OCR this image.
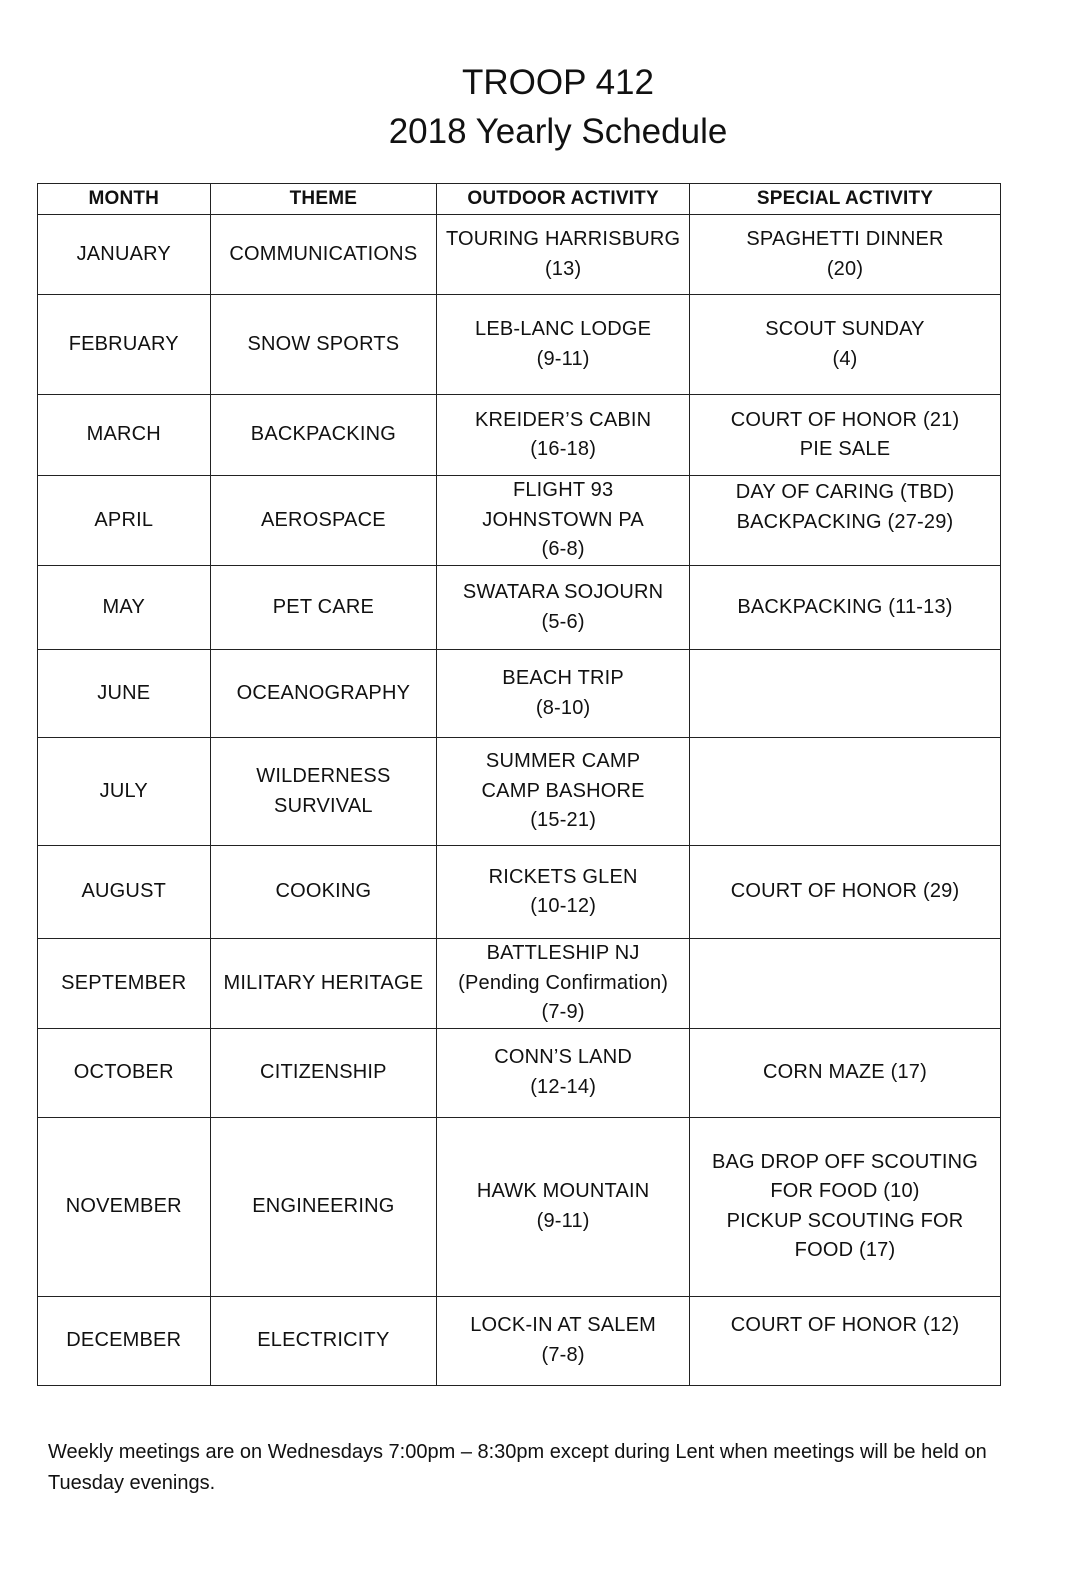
TROOP 412
2018 Yearly Schedule
MONTH	THEME	OUTDOOR ACTIVITY	SPECIAL ACTIVITY
JANUARY	COMMUNICATIONS	TOURING HARRISBURG
(13)	SPAGHETTI DINNER
(20)

FEBRUARY	SNOW SPORTS	LEB-LANC LODGE
(9-11)	SCOUT SUNDAY
(4)

MARCH	BACKPACKING	KREIDER’S CABIN
(16-18)	COURT OF HONOR (21)
PIE SALE

APRIL	AEROSPACE	FLIGHT 93
JOHNSTOWN PA
(6-8)	DAY OF CARING (TBD)
BACKPACKING (27-29)

MAY	PET CARE	SWATARA SOJOURN
(5-6)	BACKPACKING (11-13)

JUNE	OCEANOGRAPHY	BEACH TRIP
(8-10)	

JULY	WILDERNESS
SURVIVAL	SUMMER CAMP
CAMP BASHORE
(15-21)	

AUGUST	COOKING	RICKETS GLEN
(10-12)	COURT OF HONOR (29)

SEPTEMBER	MILITARY HERITAGE	BATTLESHIP NJ
(Pending Confirmation)
(7-9)	

OCTOBER	CITIZENSHIP	CONN’S LAND
(12-14)	CORN MAZE (17)

NOVEMBER	ENGINEERING	HAWK MOUNTAIN
(9-11)	BAG DROP OFF SCOUTING
FOR FOOD (10)
PICKUP SCOUTING FOR
FOOD (17)

DECEMBER	ELECTRICITY	LOCK-IN AT SALEM
(7-8)	COURT OF HONOR (12)

Weekly meetings are on Wednesdays 7:00pm – 8:30pm except during Lent when meetings will be held on Tuesday evenings.
